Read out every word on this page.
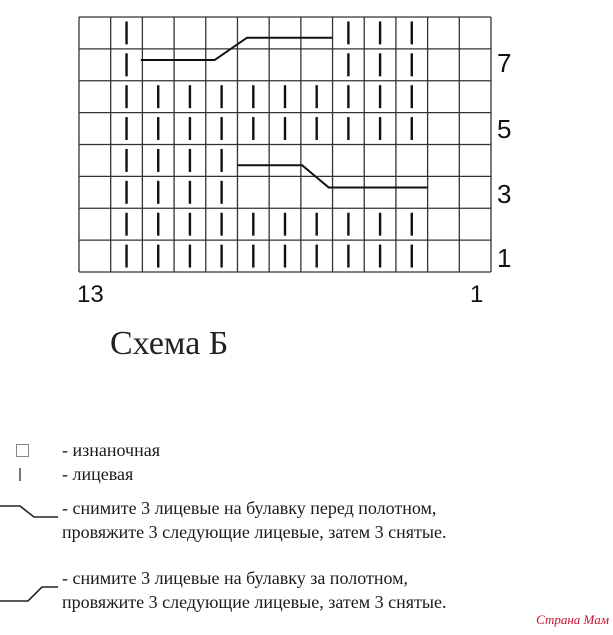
7
5
3
1
13	1
Схема Б
- изнаночная
- лицевая
- снимите 3 лицевые на булавку перед полотном,
провяжите 3 следующие лицевые, затем 3 снятые.
- снимите 3 лицевые на булавку за полотном,
провяжите 3 следующие лицевые, затем 3 снятые.
Страна Мам
